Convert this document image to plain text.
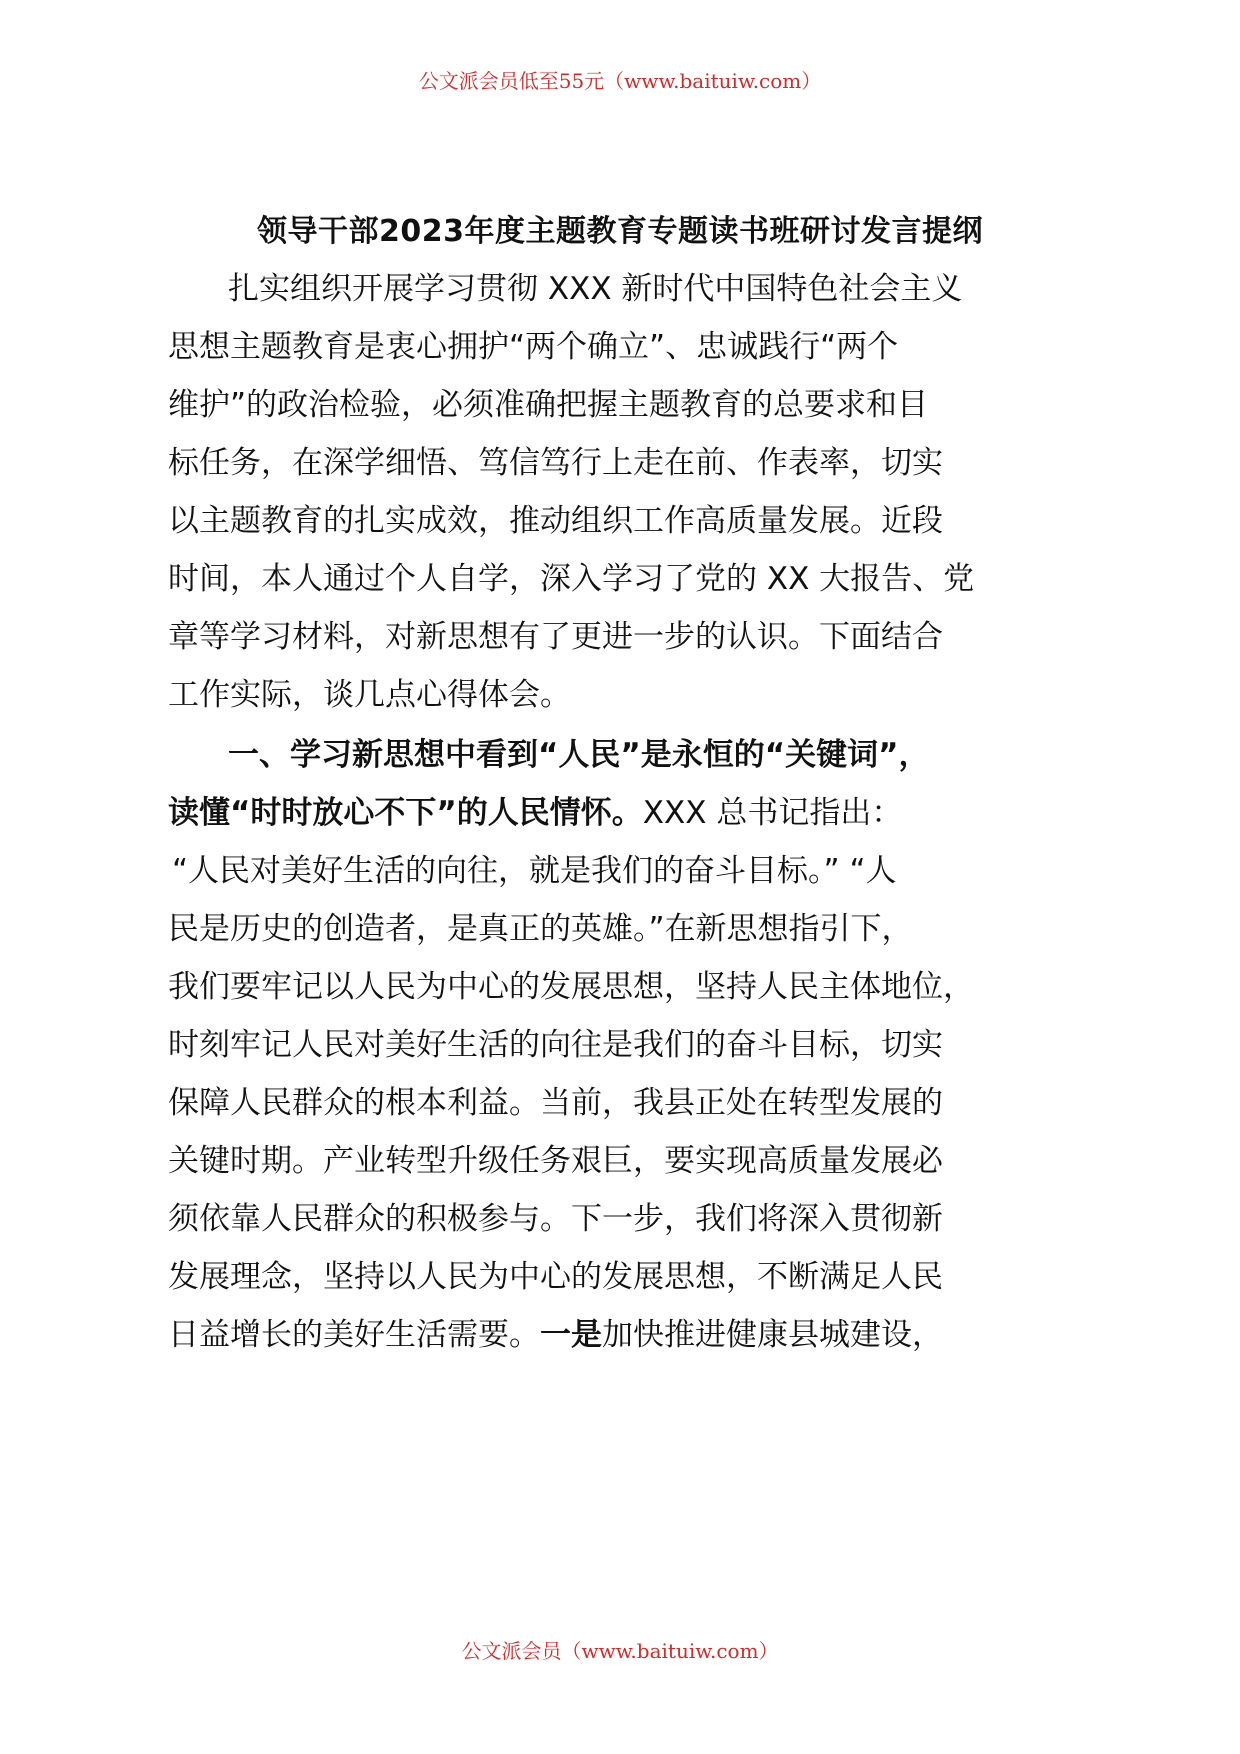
公文派会员低至55元（www.baituiw.com）
领导干部2023年度主题教育专题读书班研讨发言提纲
扎实组织开展学习贯彻 XXX 新时代中国特色社会主义
思想主题教育是衷心拥护“两个确立”、忠诚践行“两个
维护”的政治检验，必须准确把握主题教育的总要求和目
标任务，在深学细悟、笃信笃行上走在前、作表率，切实
以主题教育的扎实成效，推动组织工作高质量发展。近段
时间，本人通过个人自学，深入学习了党的 XX 大报告、党
章等学习材料，对新思想有了更进一步的认识。下面结合
工作实际，谈几点心得体会。
一、学习新思想中看到“人民”是永恒的“关键词”，
读懂“时时放心不下”的人民情怀。XXX 总书记指出：
“人民对美好生活的向往，就是我们的奋斗目标。” “人
民是历史的创造者，是真正的英雄。”在新思想指引下，
我们要牢记以人民为中心的发展思想，坚持人民主体地位，
时刻牢记人民对美好生活的向往是我们的奋斗目标，切实
保障人民群众的根本利益。当前，我县正处在转型发展的
关键时期。产业转型升级任务艰巨，要实现高质量发展必
须依靠人民群众的积极参与。下一步，我们将深入贯彻新
发展理念，坚持以人民为中心的发展思想，不断满足人民
日益增长的美好生活需要。一是加快推进健康县城建设，
公文派会员（www.baituiw.com）
